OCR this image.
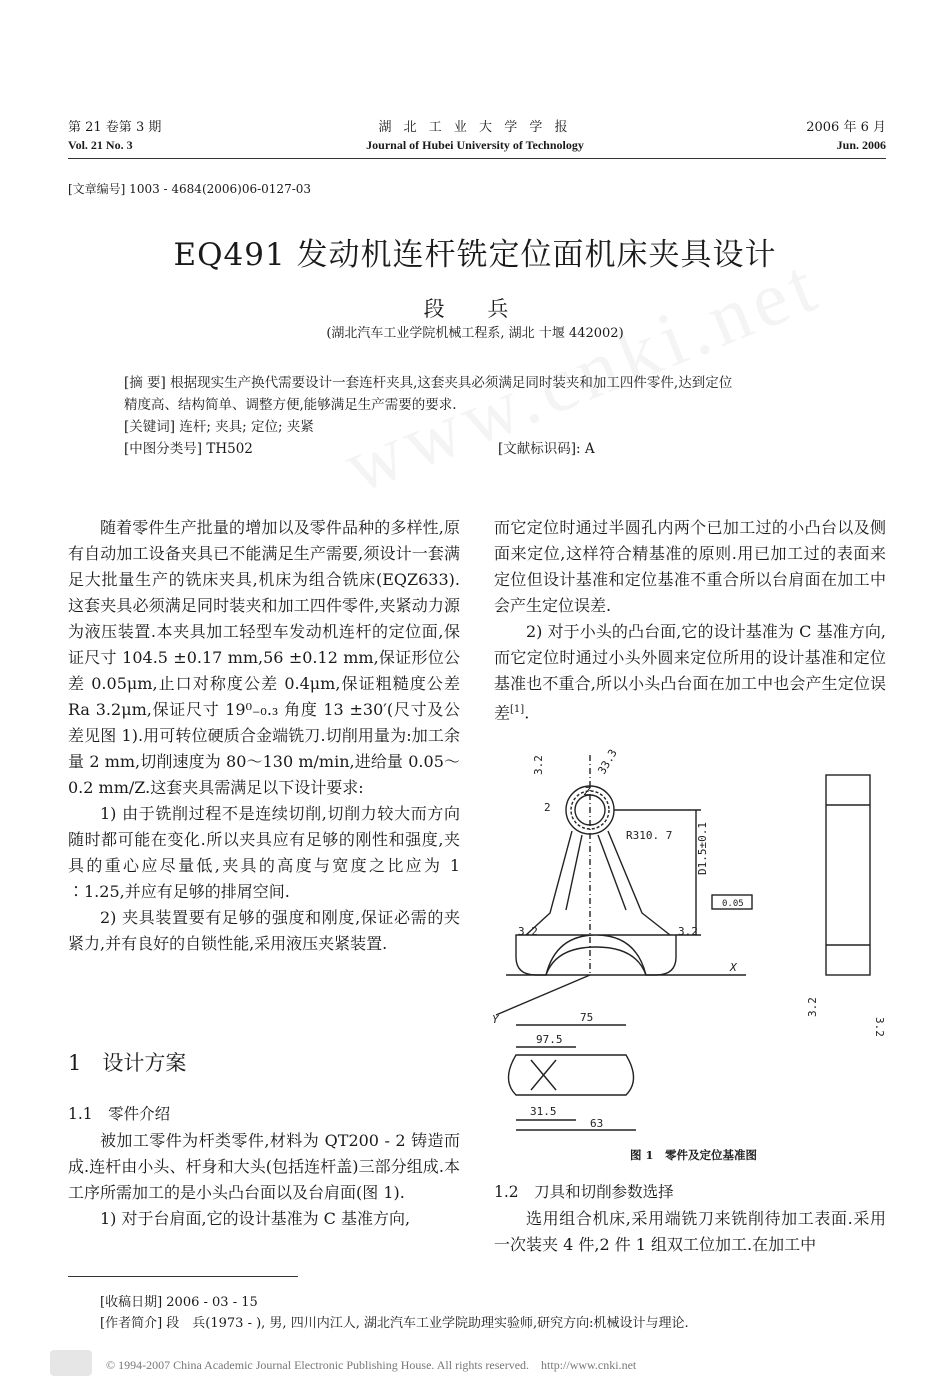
第 21 卷第 3 期
Vol. 21 No. 3
湖 北 工 业 大 学 学 报
Journal of Hubei University of Technology
2006 年 6 月
Jun. 2006
[文章编号] 1003 - 4684(2006)06-0127-03
EQ491 发动机连杆铣定位面机床夹具设计
段 兵
(湖北汽车工业学院机械工程系, 湖北 十堰 442002)
[摘 要] 根据现实生产换代需要设计一套连杆夹具,这套夹具必须满足同时装夹和加工四件零件,达到定位
精度高、结构简单、调整方便,能够满足生产需要的要求.
[关键词] 连杆; 夹具; 定位; 夹紧
[中图分类号] TH502	[文献标识码]: A

随着零件生产批量的增加以及零件品种的多样性,原有自动加工设备夹具已不能满足生产需要,须设计一套满足大批量生产的铣床夹具,机床为组合铣床(EQZ633).这套夹具必须满足同时装夹和加工四件零件,夹紧动力源为液压装置.本夹具加工轻型车发动机连杆的定位面,保证尺寸 104.5 ±0.17 mm,56 ±0.12 mm,保证形位公差 0.05μm,止口对称度公差 0.4μm,保证粗糙度公差 Ra 3.2μm,保证尺寸 19⁰₋₀.₃ 角度 13 ±30′(尺寸及公差见图 1).用可转位硬质合金端铣刀.切削用量为:加工余量 2 mm,切削速度为 80～130 m/min,进给量 0.05～0.2 mm/Z.这套夹具需满足以下设计要求:

1) 由于铣削过程不是连续切削,切削力较大而方向随时都可能在变化.所以夹具应有足够的刚性和强度,夹具的重心应尽量低,夹具的高度与宽度之比应为 1 ∶1.25,并应有足够的排屑空间.

2) 夹具装置要有足够的强度和刚度,保证必需的夹紧力,并有良好的自锁性能,采用液压夹紧装置.

1　设计方案
1.1　零件介绍

被加工零件为杆类零件,材料为 QT200 - 2 铸造而成.连杆由小头、杆身和大头(包括连杆盖)三部分组成.本工序所需加工的是小头凸台面以及台肩面(图 1).

1) 对于台肩面,它的设计基准为 C 基准方向,

而它定位时通过半圆孔内两个已加工过的小凸台以及侧面来定位,这样符合精基准的原则.用已加工过的表面来定位但设计基准和定位基准不重合所以台肩面在加工中会产生定位误差.

2) 对于小头的凸台面,它的设计基准为 C 基准方向,而它定位时通过小头外圆来定位所用的设计基准和定位基准也不重合,所以小头凸台面在加工中也会产生定位误差[1].

R310. 7 D1.5±0.1
33.3
3.2
3.2	3.2
3.2
3.2
2
Z
X
Y	75
97.5
31.5
63
0.05
图 1　零件及定位基准图
1.2　刀具和切削参数选择

选用组合机床,采用端铣刀来铣削待加工表面.采用一次装夹 4 件,2 件 1 组双工位加工.在加工中

[收稿日期] 2006 - 03 - 15
[作者简介] 段　兵(1973 - ), 男, 四川内江人, 湖北汽车工业学院助理实验师,研究方向:机械设计与理论.
© 1994-2007 China Academic Journal Electronic Publishing House. All rights reserved.　http://www.cnki.net
